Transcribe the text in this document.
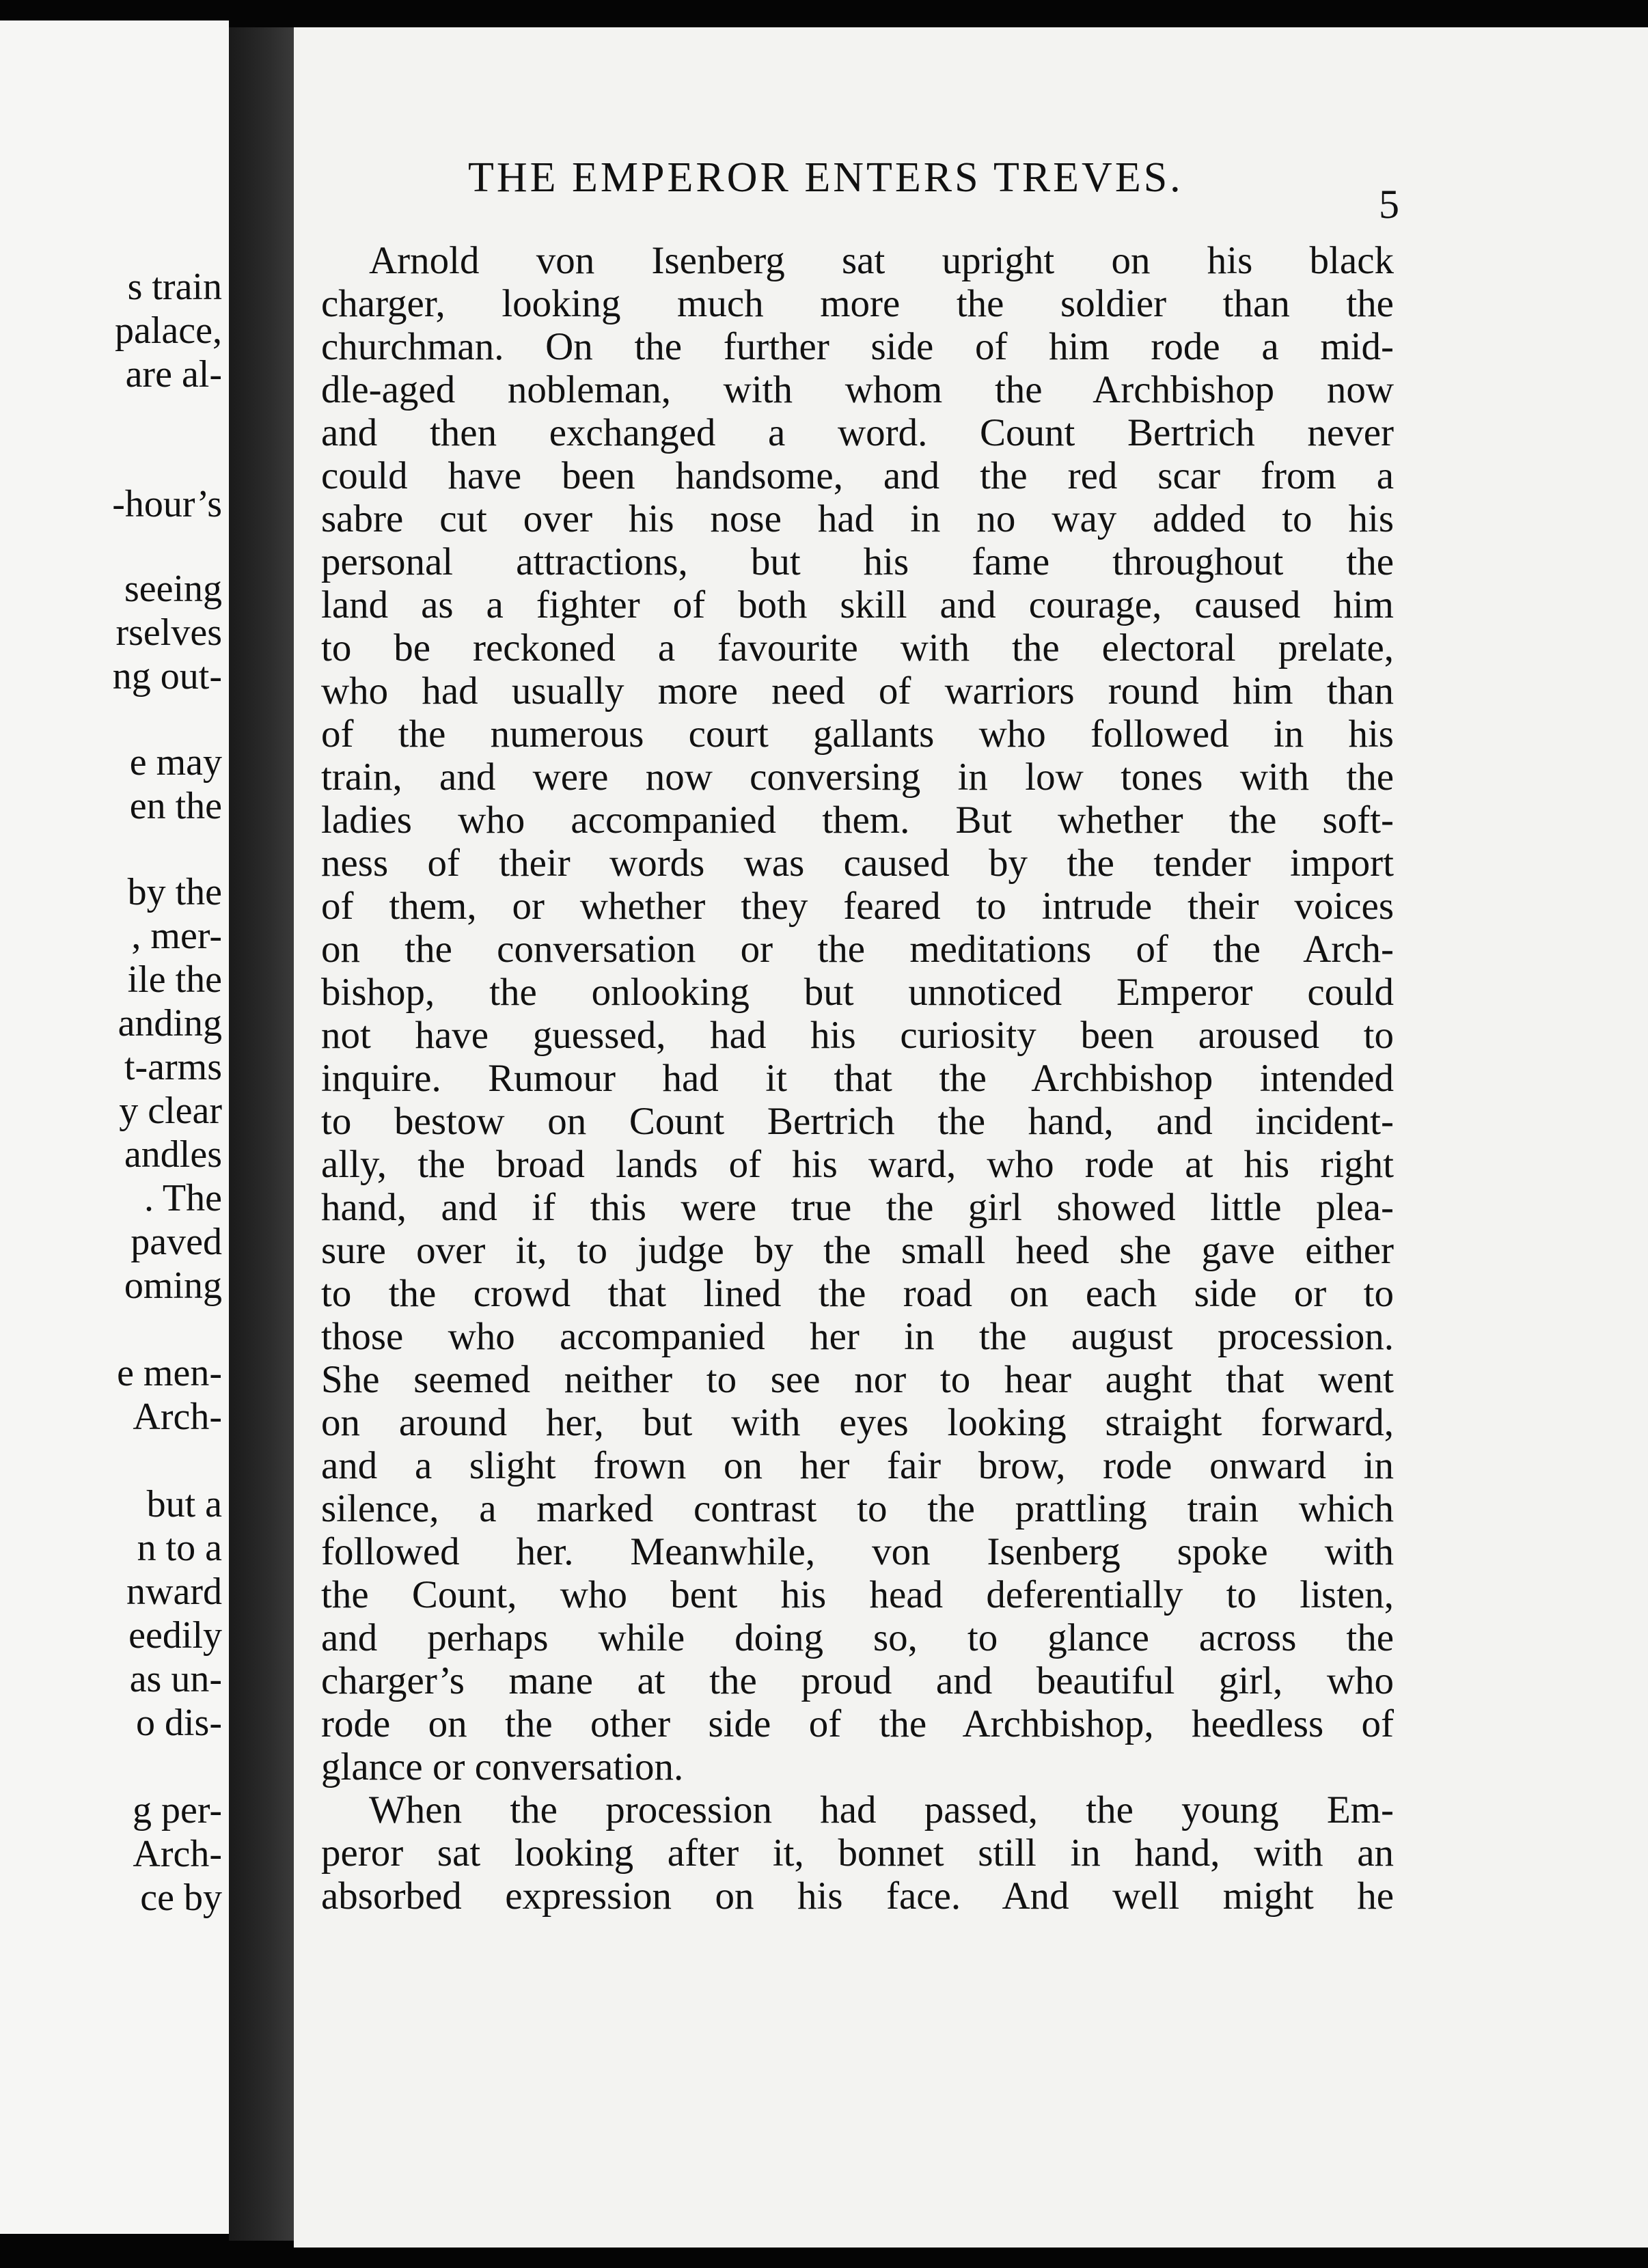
s train
palace,
are al-
-hour’s
seeing
rselves
ng out-
e may
en the
by the
, mer-
ile the
anding
t-arms
y clear
andles
. The
paved
oming
e men-
Arch-
but a
n to a
nward
eedily
as un-
o dis-
g per-
Arch-
ce by
THE EMPEROR ENTERS TREVES.
5
Arnold von Isenberg sat upright on his black
charger, looking much more the soldier than the
churchman. On the further side of him rode a mid-
dle-aged nobleman, with whom the Archbishop now
and then exchanged a word. Count Bertrich never
could have been handsome, and the red scar from a
sabre cut over his nose had in no way added to his
personal attractions, but his fame throughout the
land as a fighter of both skill and courage, caused him
to be reckoned a favourite with the electoral prelate,
who had usually more need of warriors round him than
of the numerous court gallants who followed in his
train, and were now conversing in low tones with the
ladies who accompanied them. But whether the soft-
ness of their words was caused by the tender import
of them, or whether they feared to intrude their voices
on the conversation or the meditations of the Arch-
bishop, the onlooking but unnoticed Emperor could
not have guessed, had his curiosity been aroused to
inquire. Rumour had it that the Archbishop intended
to bestow on Count Bertrich the hand, and incident-
ally, the broad lands of his ward, who rode at his right
hand, and if this were true the girl showed little plea-
sure over it, to judge by the small heed she gave either
to the crowd that lined the road on each side or to
those who accompanied her in the august procession.
She seemed neither to see nor to hear aught that went
on around her, but with eyes looking straight forward,
and a slight frown on her fair brow, rode onward in
silence, a marked contrast to the prattling train which
followed her. Meanwhile, von Isenberg spoke with
the Count, who bent his head deferentially to listen,
and perhaps while doing so, to glance across the
charger’s mane at the proud and beautiful girl, who
rode on the other side of the Archbishop, heedless of
glance or conversation.
When the procession had passed, the young Em-
peror sat looking after it, bonnet still in hand, with an
absorbed expression on his face. And well might he
